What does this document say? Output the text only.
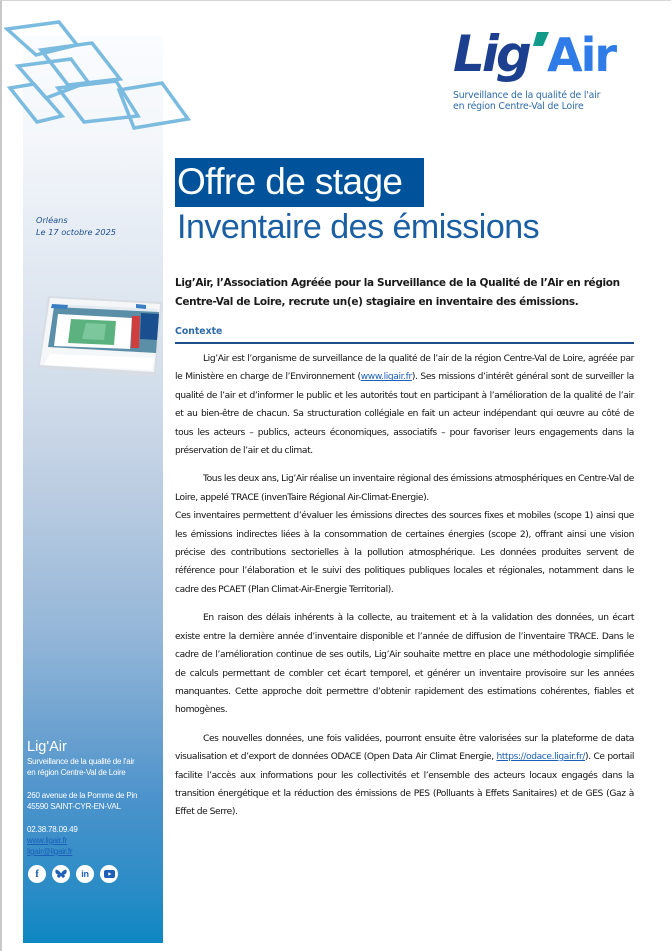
Orléans
Le 17 octobre 2025
Lig'Air
Surveillance de la qualité de l'air
en région Centre-Val de Loire
260 avenue de la Pomme de Pin
45590 SAINT-CYR-EN-VAL
02.38.78.09.49
www.ligair.fr
ligair@ligair.fr
f	in
Lig Air
Surveillance de la qualité de l'air
en région Centre-Val de Loire
Offre de stage
Inventaire des émissions
Lig’Air, l’Association Agréée pour la Surveillance de la Qualité de l’Air en région Centre-Val de Loire, recrute un(e) stagiaire en inventaire des émissions.
Contexte

Lig’Air est l’organisme de surveillance de la qualité de l’air de la région Centre-Val de Loire, agréée par le Ministère en charge de l’Environnement (www.ligair.fr). Ses missions d’intérêt général sont de surveiller la qualité de l’air et d’informer le public et les autorités tout en participant à l’amélioration de la qualité de l’air et au bien-être de chacun. Sa structuration collégiale en fait un acteur indépendant qui œuvre au côté de tous les acteurs – publics, acteurs économiques, associatifs – pour favoriser leurs engagements dans la préservation de l’air et du climat.

Tous les deux ans, Lig’Air réalise un inventaire régional des émissions atmosphériques en Centre-Val de Loire, appelé TRACE (invenTaire Régional Air-Climat-Energie).

Ces inventaires permettent d’évaluer les émissions directes des sources fixes et mobiles (scope 1) ainsi que les émissions indirectes liées à la consommation de certaines énergies (scope 2), offrant ainsi une vision précise des contributions sectorielles à la pollution atmosphérique. Les données produites servent de référence pour l’élaboration et le suivi des politiques publiques locales et régionales, notamment dans le cadre des PCAET (Plan Climat-Air-Energie Territorial).

En raison des délais inhérents à la collecte, au traitement et à la validation des données, un écart existe entre la dernière année d’inventaire disponible et l’année de diffusion de l’inventaire TRACE. Dans le cadre de l’amélioration continue de ses outils, Lig’Air souhaite mettre en place une méthodologie simplifiée de calculs permettant de combler cet écart temporel, et générer un inventaire provisoire sur les années manquantes. Cette approche doit permettre d’obtenir rapidement des estimations cohérentes, fiables et homogènes.

Ces nouvelles données, une fois validées, pourront ensuite être valorisées sur la plateforme de data visualisation et d’export de données ODACE (Open Data Air Climat Energie, https://odace.ligair.fr/). Ce portail facilite l’accès aux informations pour les collectivités et l’ensemble des acteurs locaux engagés dans la transition énergétique et la réduction des émissions de PES (Polluants à Effets Sanitaires) et de GES (Gaz à Effet de Serre).
